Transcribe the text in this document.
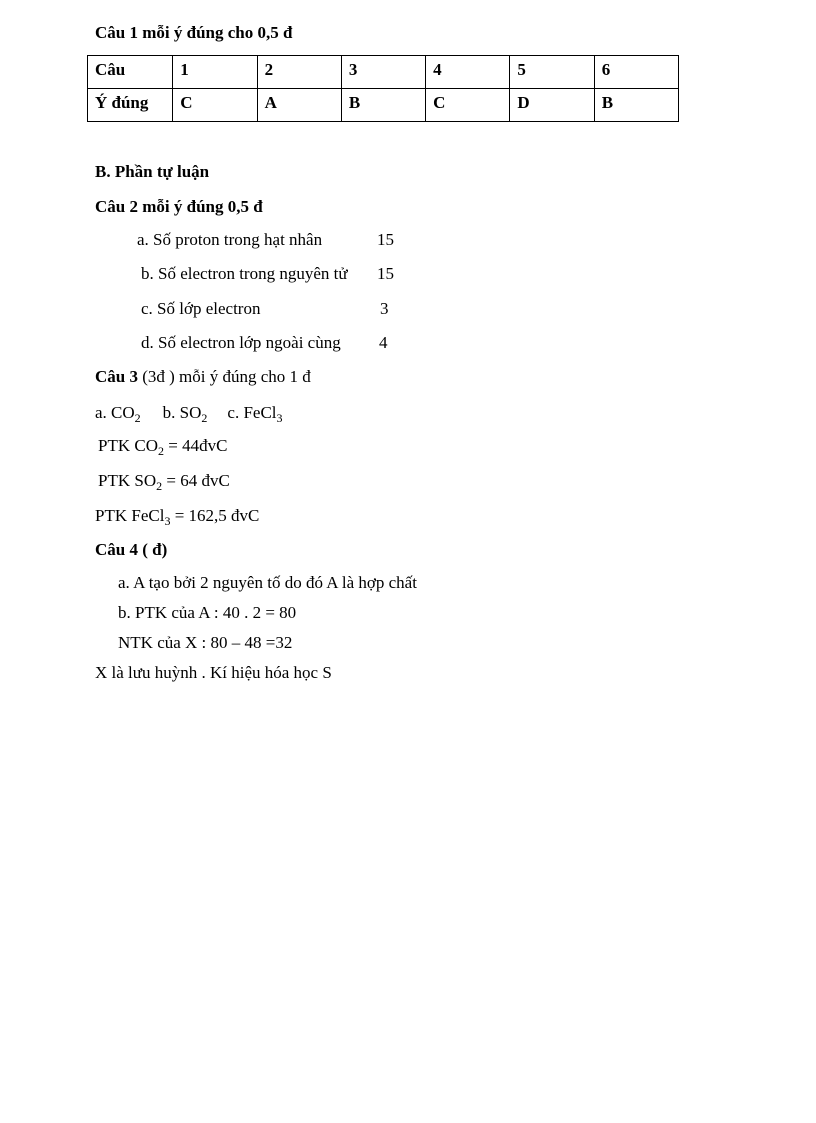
Câu 1 mỗi ý đúng cho 0,5 đ
Câu	1	2	3	4	5	6
Ý đúng	C	A	B	C	D	B
B. Phần tự luận
Câu 2 mỗi ý đúng 0,5 đ
a. Số proton trong hạt nhân	15
b. Số electron trong nguyên tử 15
c. Số lớp electron	3
d. Số electron lớp ngoài cùng 4
Câu 3 (3đ ) mỗi ý đúng cho 1 đ
a. $CO_2$ b. $SO_2$ c. FeCl$_3$
PTK $CO_2$ = 44đvC
PTK $SO_2 = 64$ đvC
PTK FeCl$_3$ = 162,5 đvC
Câu 4 ( đ)
a. A tạo bởi 2 nguyên tố do đó A là hợp chất
b. PTK của A : 40 . 2 = 80
NTK của X : 80 – 48 =32
X là lưu huỳnh . Kí hiệu hóa học S
